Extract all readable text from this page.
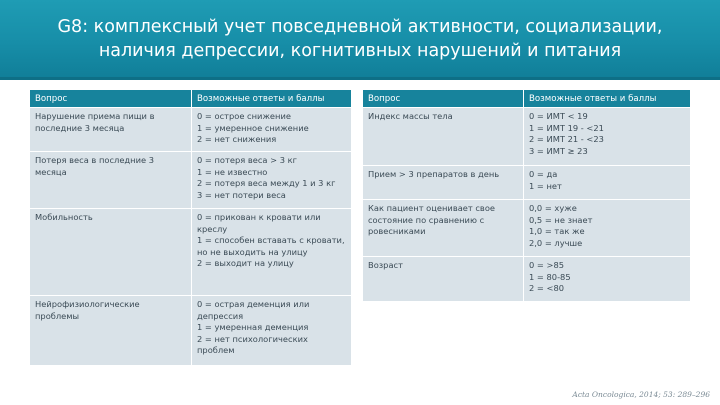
G8: комплексный учет повседневной активности, социализации, наличия депрессии, когнитивных нарушений и питания
Вопрос	Возможные ответы и баллы
Нарушение приема пищи в последние 3 месяца	0 = острое снижение
1 = умеренное снижение
2 = нет снижения

Потеря веса в последние 3 месяца	0 = потеря веса > 3 кг
1 = не известно
2 = потеря веса между 1 и 3 кг
3 = нет потери веса

Мобильность	0 = прикован к кровати или креслу
1 = способен вставать с кровати, но не выходить на улицу
2 = выходит на улицу

Нейрофизиологические проблемы	0 = острая деменция или депрессия
1 = умеренная деменция
2 = нет психологических проблем
Вопрос	Возможные ответы и баллы
Индекс массы тела	0 = ИМТ < 19
1 = ИМТ 19 - <21
2 = ИМТ 21 - <23
3 = ИМТ ≥ 23

Прием > 3 препаратов в день	0 = да
1 = нет

Как пациент оценивает свое состояние по сравнению с ровесниками	0,0 = хуже
0,5 = не знает
1,0 = так же
2,0 = лучше

Возраст	0 = >85
1 = 80-85
2 = <80
Acta Oncologica, 2014; 53: 289–296
